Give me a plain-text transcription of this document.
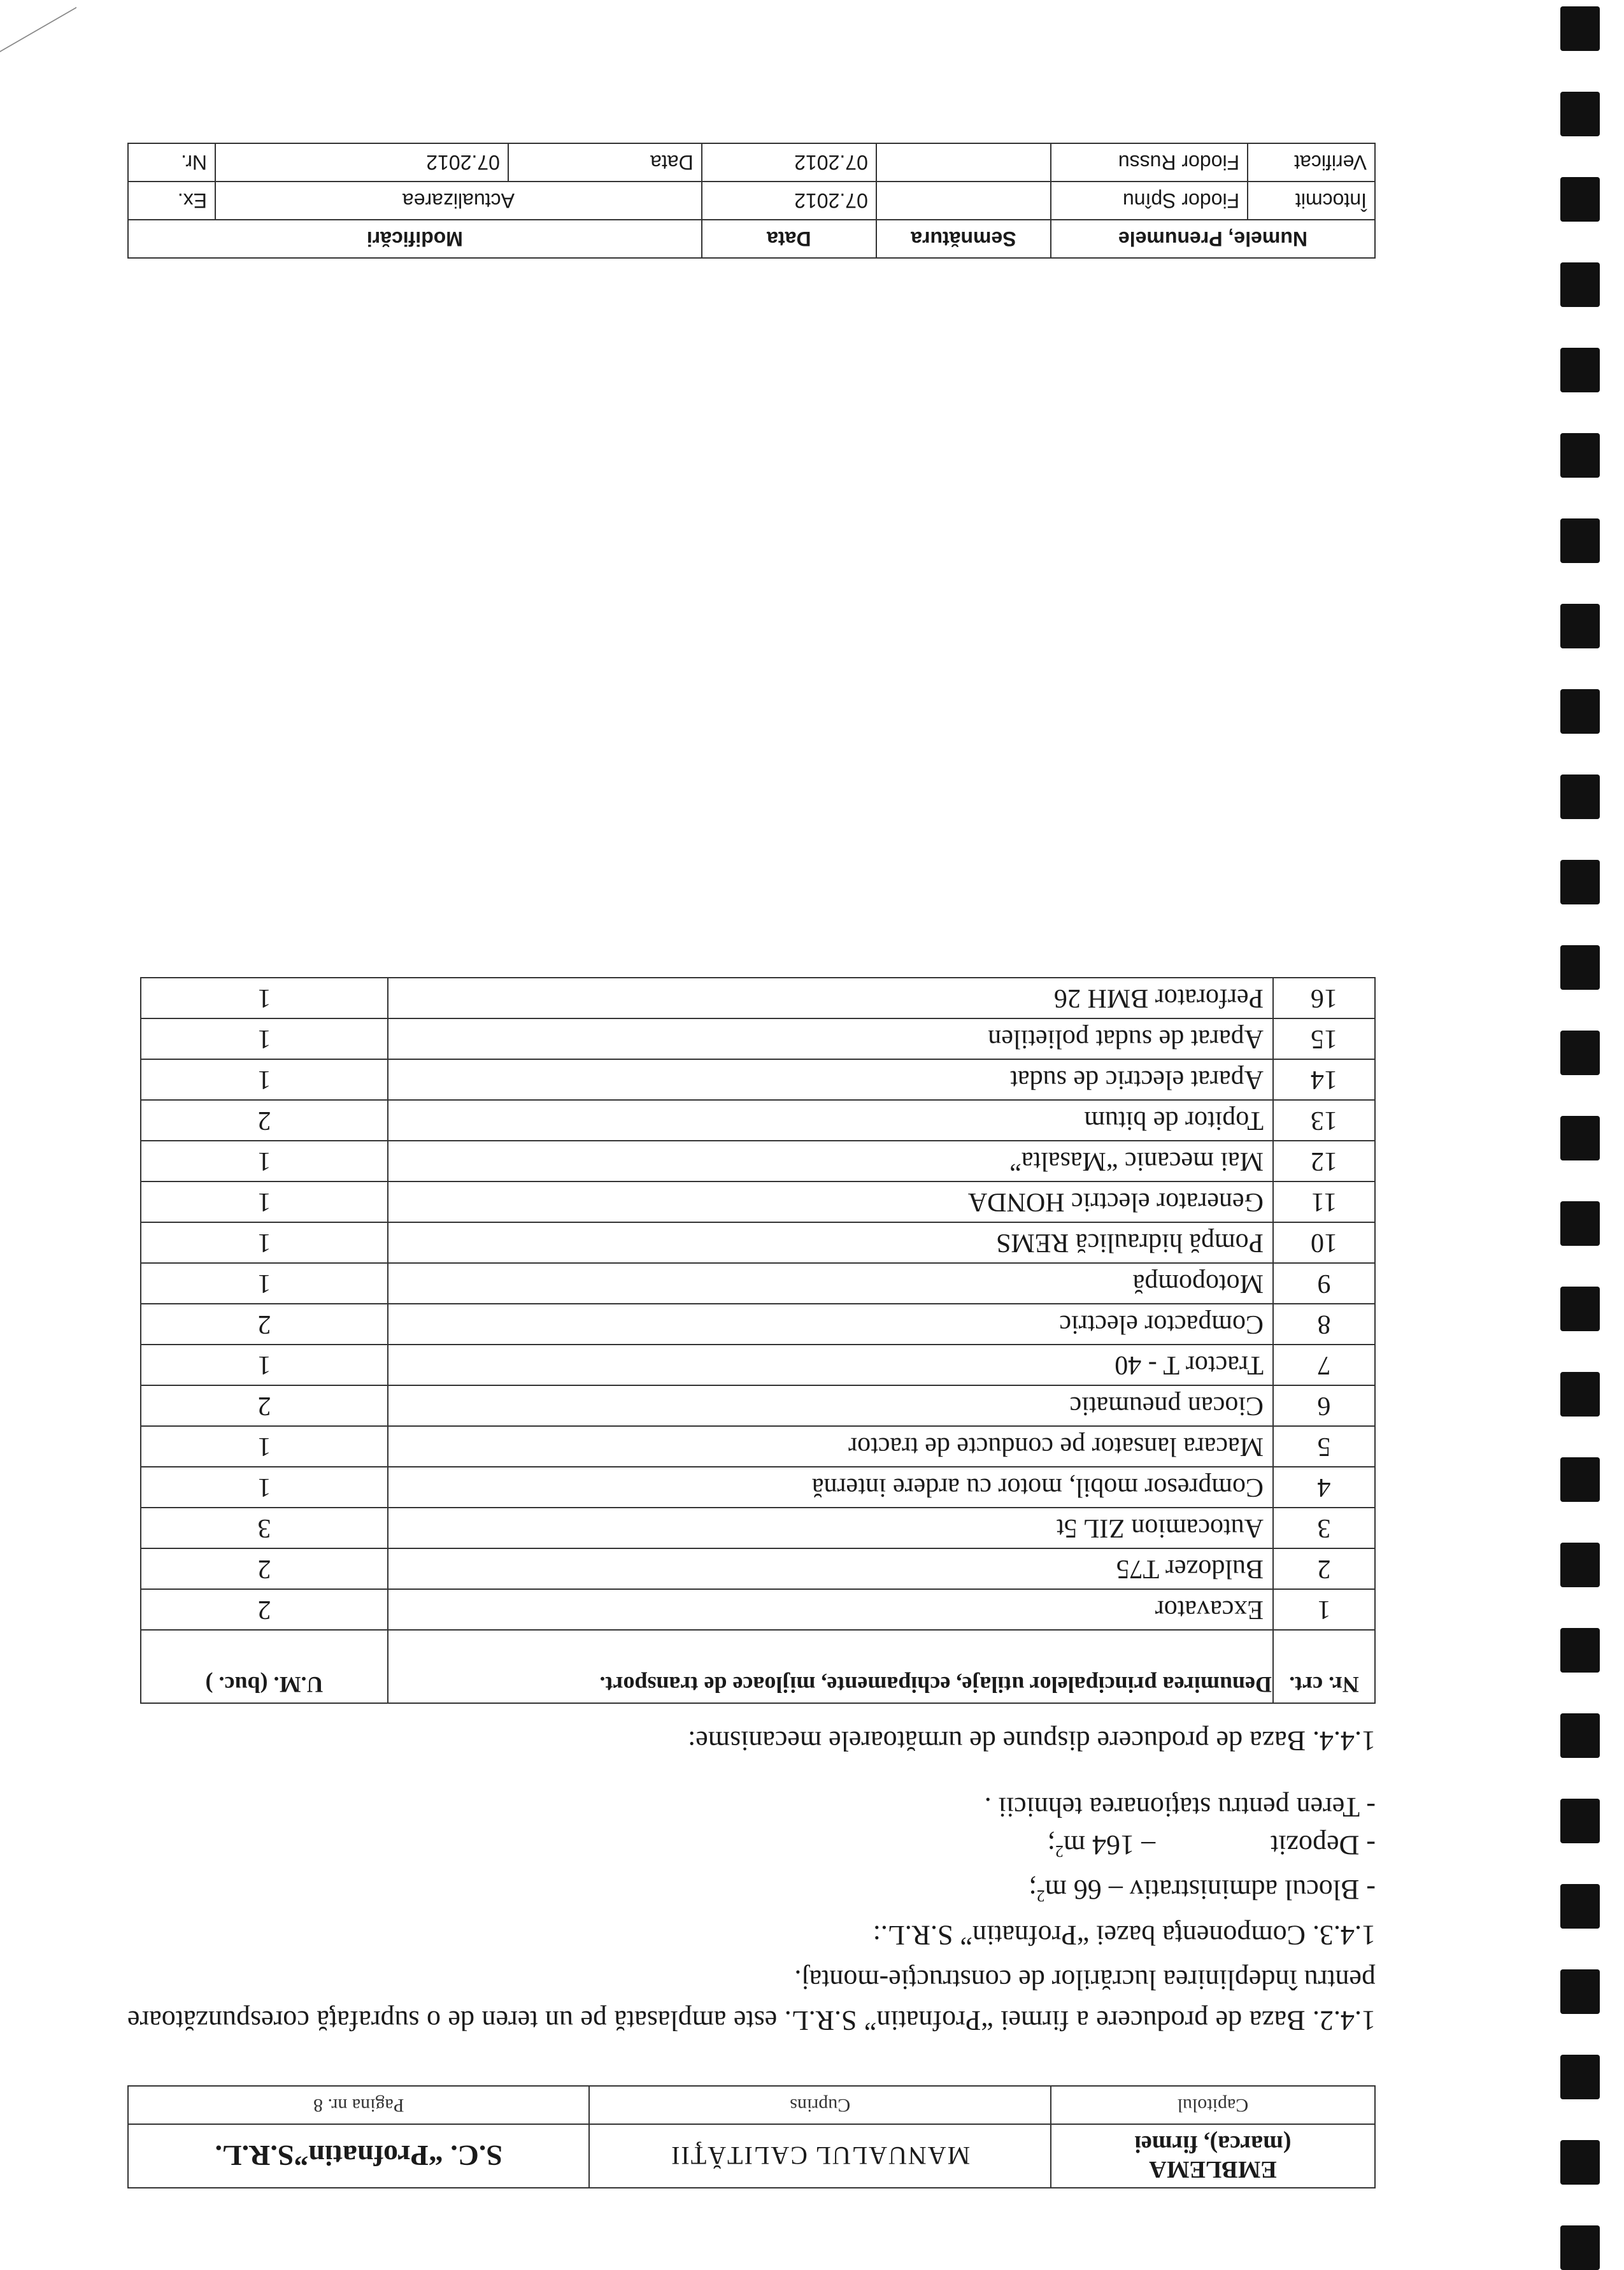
EMBLEMA
(marca), firmei	MANUALUL CALITĂŢII	S.C. “Profnatin”S.R.L.
Capitolul	Cuprins	Pagina nr. 8

1.4.2. Baza de producere a firmei “Profnatin” S.R.L. este amplasată pe un teren de o suprafaţă corespunzătoare pentru îndeplinirea lucrărilor de construcţie-montaj.

1.4.3. Componenţa bazei “Profnatin” S.R.L.:

- Blocul administrativ – 66 $m^2$;

- Depozit – 164 $m^2$;

- Teren pentru staţionarea tehnicii .

1.4.4. Baza de producere dispune de următoarele mecanisme:

Nr. crt.	Denumirea principalelor utilaje, echipamente, mijloace de transport.	U.M. (buc. )
1	Excavator	2
2	Buldozer T75	2
3	Autocamion ZIL 5t	3
4	Compresor mobil, motor cu ardere internă	1
5	Macara lansator pe conducte de tractor	1
6	Ciocan pneumatic	2
7	Tractor T - 40	1
8	Compactor electric	2
9	Motopompă	1
10	Pompă hidraulică REMS	1
11	Generator electric HONDA	1
12	Mai mecanic “Masalta”	1
13	Topitor de bitum	2
14	Aparat electric de sudat	1
15	Aparat de sudat polietilen	1
16	Perforator BMH 26	1
Numele, Prenumele		Semnătura	Data	Modificări		
Întocmit	Fiodor Spînu		07.2012	Actualizarea		Ex.
Verificat	Fiodor Russu		07.2012	Data	07.2012	Nr.
